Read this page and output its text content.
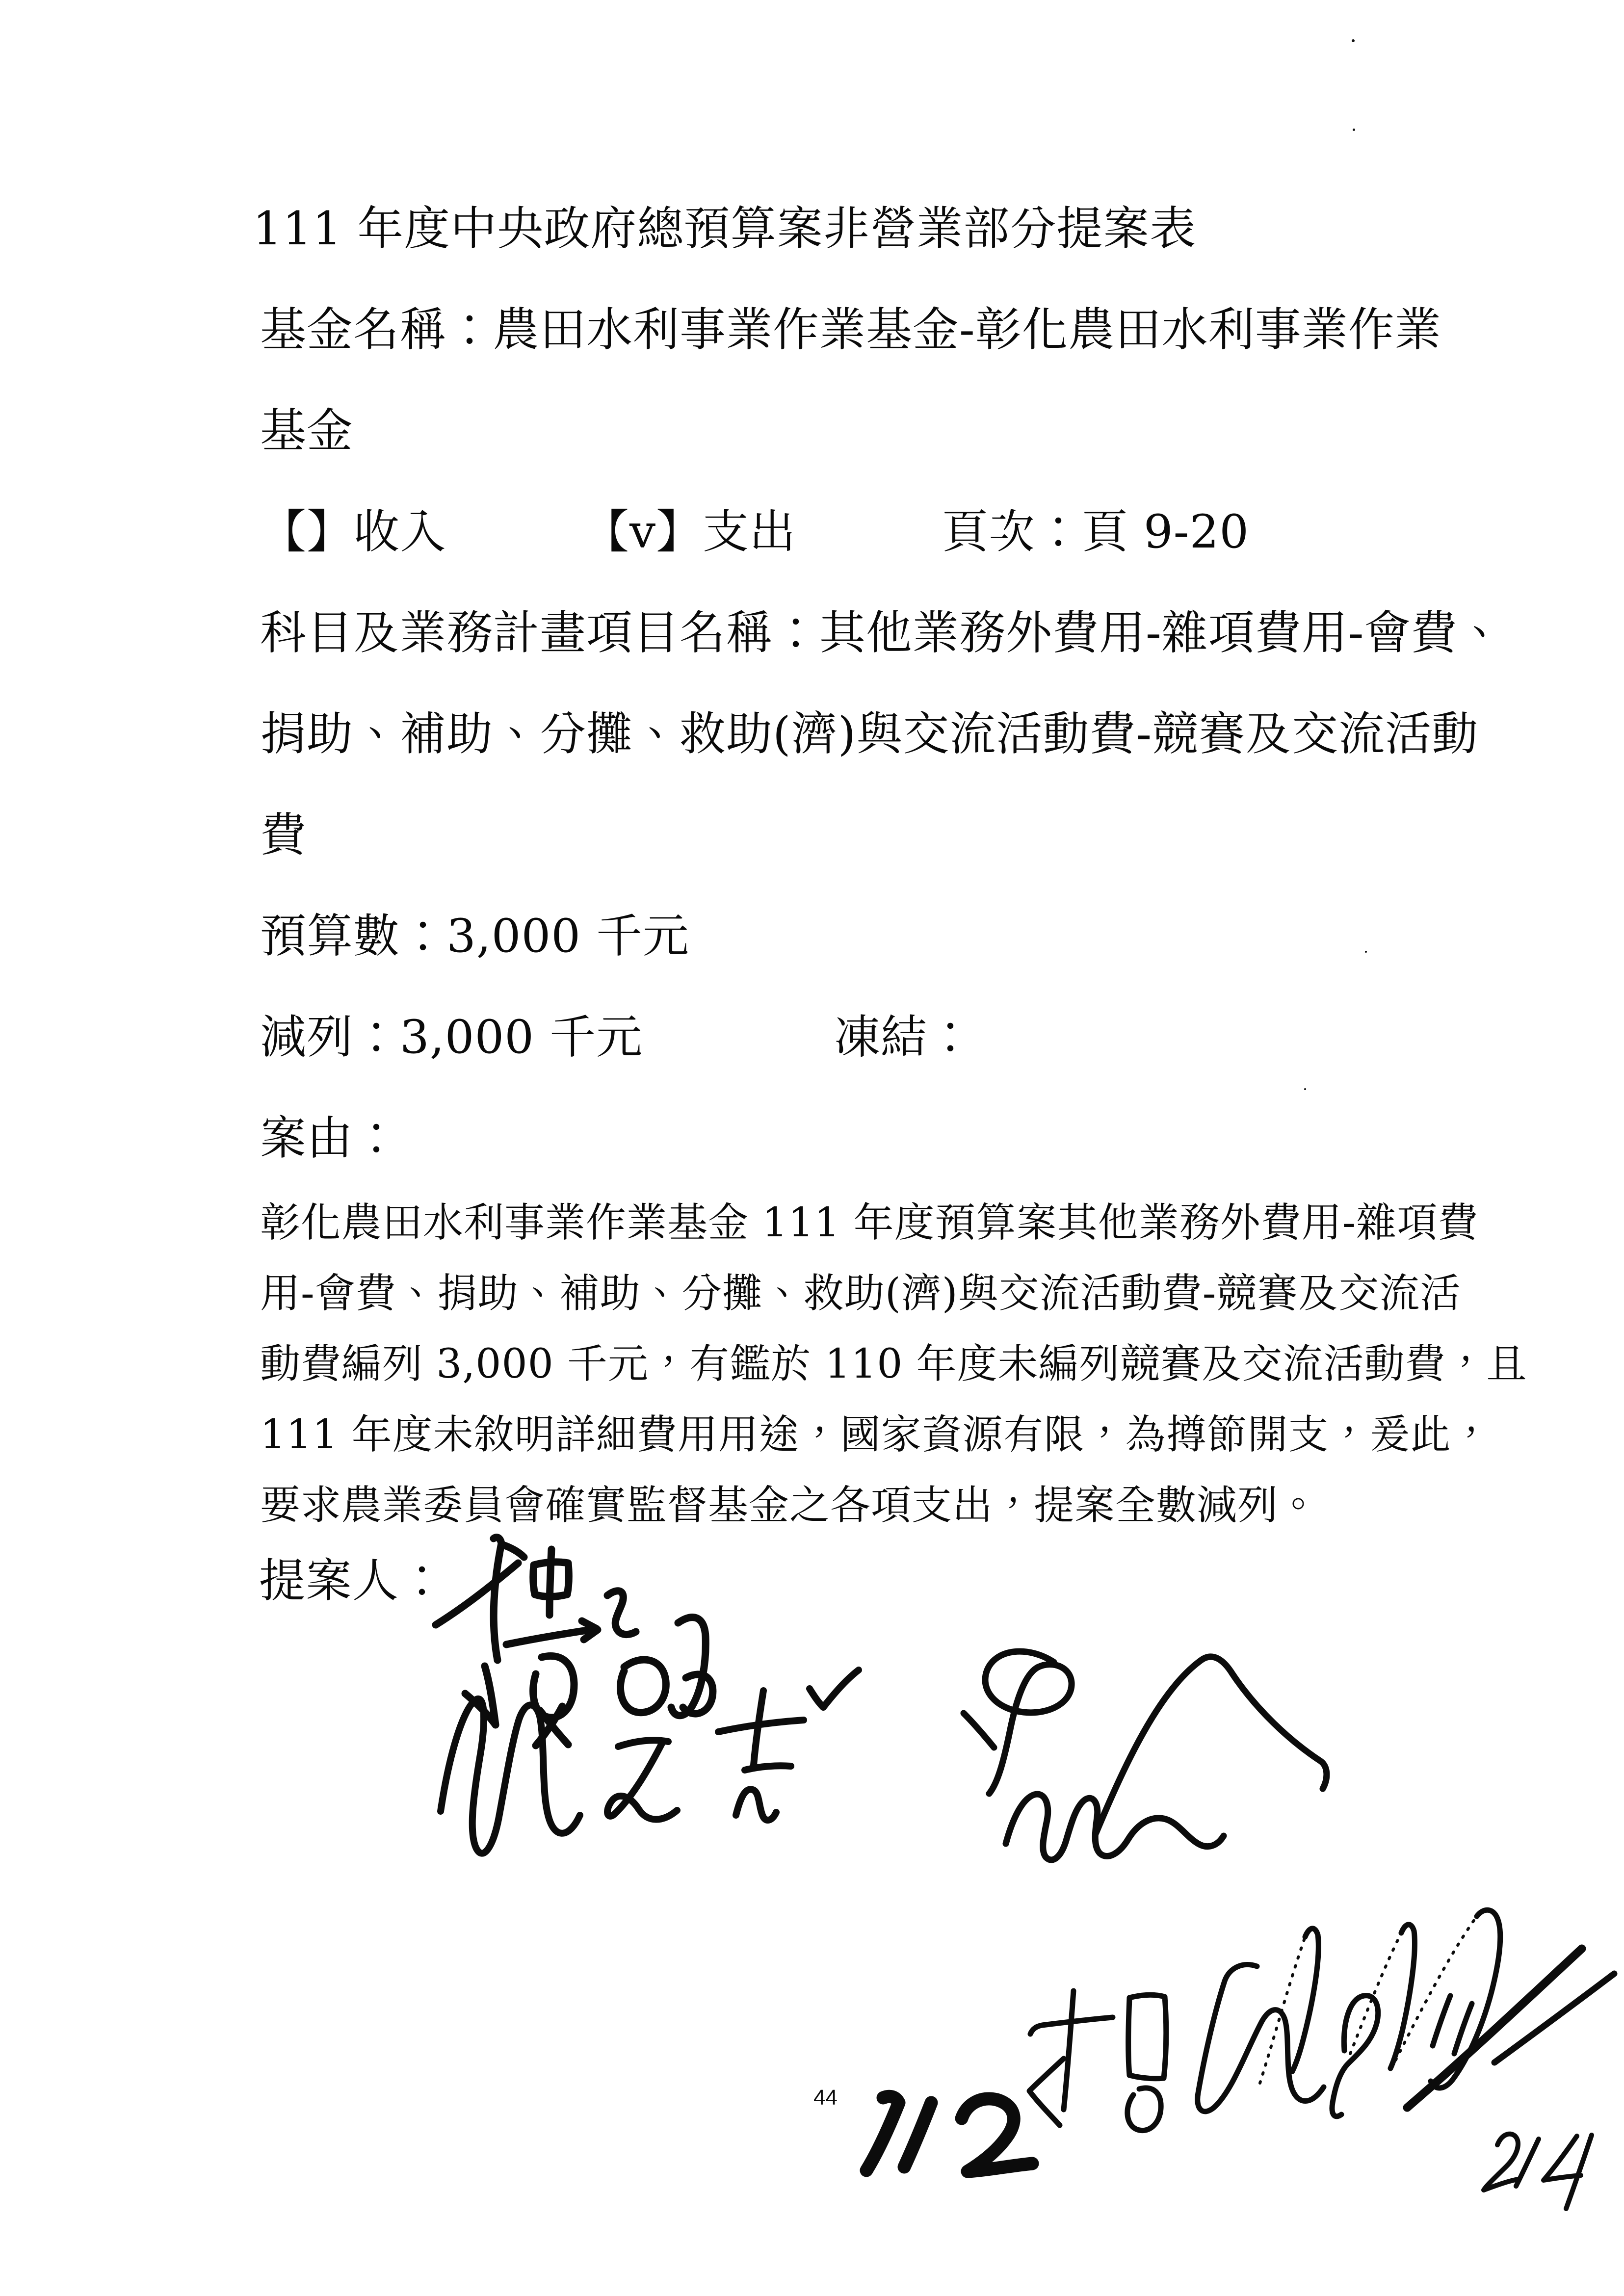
111 年度中央政府總預算案非營業部分提案表
基金名稱：農田水利事業作業基金-彰化農田水利事業作業
基金
【】收入	【v】支出	頁次：頁 9-20
科目及業務計畫項目名稱：其他業務外費用-雜項費用-會費、
捐助、補助、分攤、救助(濟)與交流活動費-競賽及交流活動
費
預算數：3,000 千元
減列：3,000 千元	凍結：
案由：
彰化農田水利事業作業基金 111 年度預算案其他業務外費用-雜項費
用-會費、捐助、補助、分攤、救助(濟)與交流活動費-競賽及交流活
動費編列 3,000 千元，有鑑於 110 年度未編列競賽及交流活動費，且
111 年度未敘明詳細費用用途，國家資源有限，為撙節開支，爰此，
要求農業委員會確實監督基金之各項支出，提案全數減列。
提案人：
44
